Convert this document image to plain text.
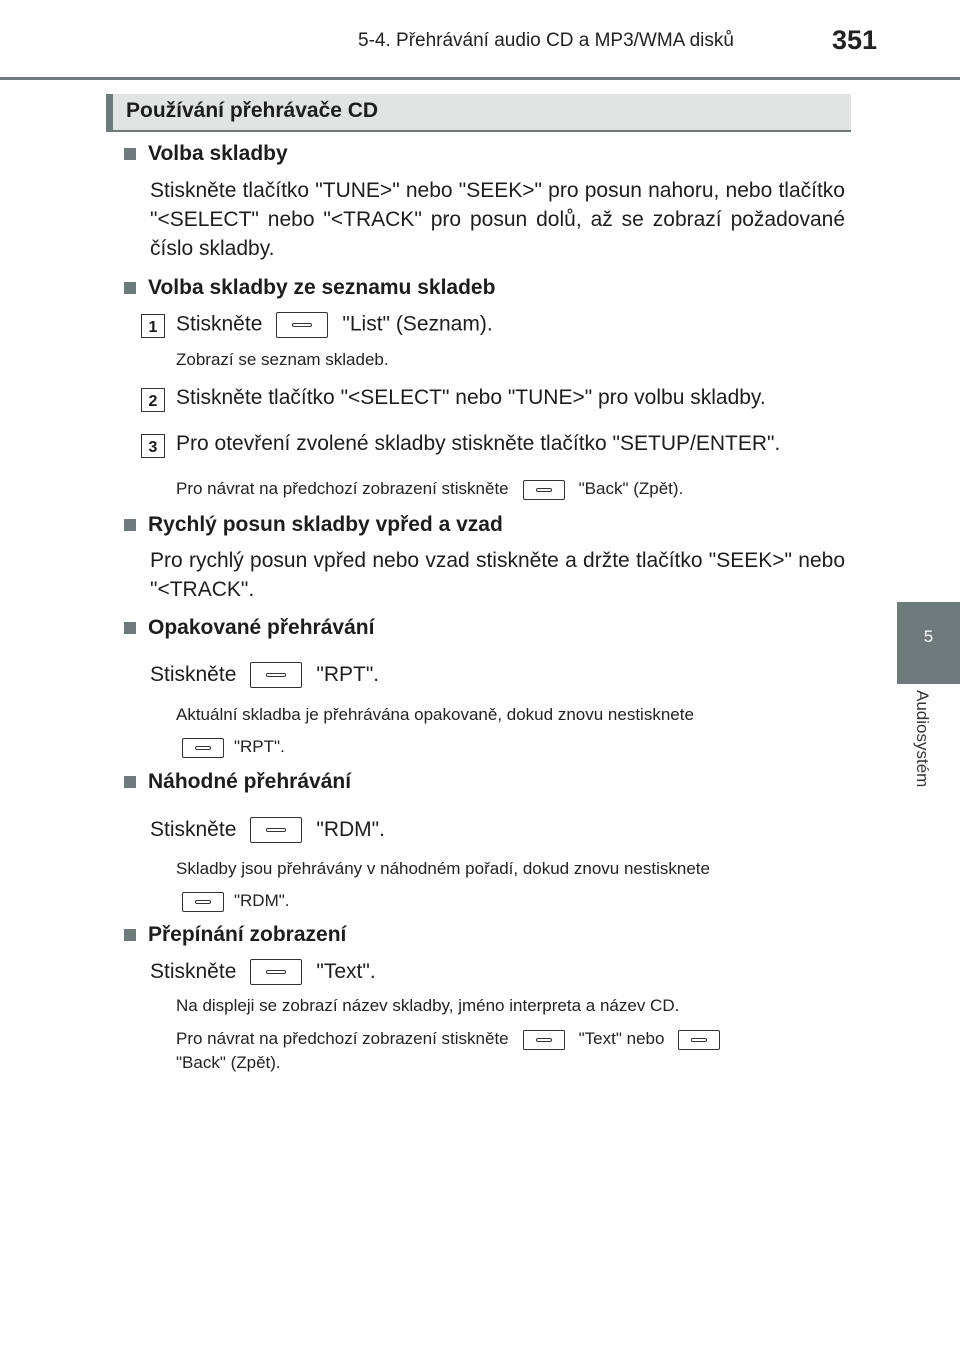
5-4. Přehrávání audio CD a MP3/WMA disků	351
5
Audiosystém
Používání přehrávače CD
Volba skladby
Stiskněte tlačítko "TUNE>" nebo "SEEK>" pro posun nahoru, nebo tlačítko "<SELECT" nebo "<TRACK" pro posun dolů, až se zobrazí požadované číslo skladby.
Volba skladby ze seznamu skladeb
1 Stiskněte	"List" (Seznam).
Zobrazí se seznam skladeb.
2 Stiskněte tlačítko "<SELECT" nebo "TUNE>" pro volbu skladby.
3 Pro otevření zvolené skladby stiskněte tlačítko "SETUP/ENTER".
Pro návrat na předchozí zobrazení stiskněte	"Back" (Zpět).
Rychlý posun skladby vpřed a vzad
Pro rychlý posun vpřed nebo vzad stiskněte a držte tlačítko "SEEK>" nebo "<TRACK".
Opakované přehrávání
Stiskněte	"RPT".
Aktuální skladba je přehrávána opakovaně, dokud znovu nestisknete
"RPT".
Náhodné přehrávání
Stiskněte	"RDM".
Skladby jsou přehrávány v náhodném pořadí, dokud znovu nestisknete
"RDM".
Přepínání zobrazení
Stiskněte	"Text".
Na displeji se zobrazí název skladby, jméno interpreta a název CD.
Pro návrat na předchozí zobrazení stiskněte	"Text" nebo
"Back" (Zpět).
